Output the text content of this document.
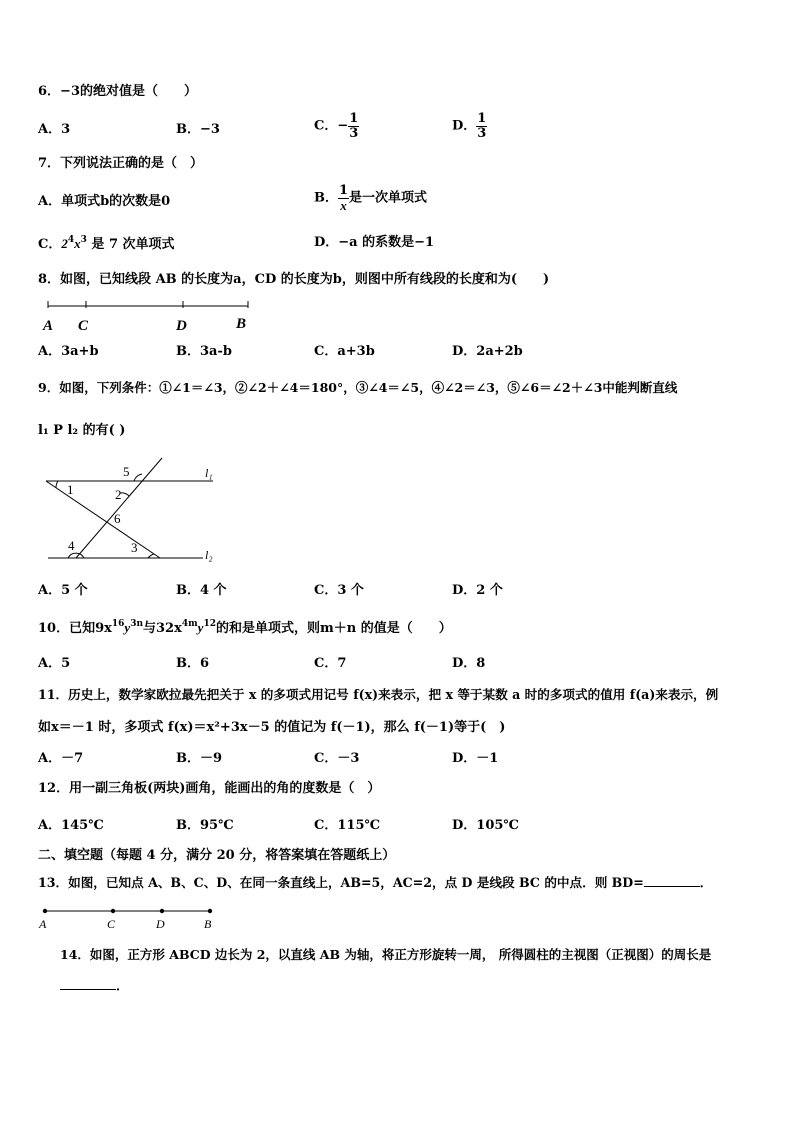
6．−3的绝对值是（　　）
A．3	B．−3	C．− $\frac{1}{3}$	D． $\frac{1}{3}$
7．下列说法正确的是（　）
A．单项式b的次数是0	B． $\frac{1}{x}$ 是一次单项式
C．$2^4x^3$ 是 7 次单项式	D．−a 的系数是−1
8．如图，已知线段 AB 的长度为a，CD 的长度为b，则图中所有线段的长度和为(　　)
A C	D	B
A．3a+b	B．3a-b	C．a+3b	D．2a+2b
9．如图，下列条件：①∠1＝∠3，②∠2＋∠4＝180°，③∠4＝∠5，④∠2＝∠3，⑤∠6＝∠2＋∠3中能判断直线
l₁ P l₂ 的有( )
5
1	2
6
4	3
l₁
l₂
A．5 个	B．4 个	C．3 个	D．2 个
10．已知$9x^{16}y^{3n}$与$32x^{4m}y^{12}$的和是单项式，则m＋n 的值是（　　）
A．5	B．6	C．7	D．8
11．历史上，数学家欧拉最先把关于 x 的多项式用记号 f(x)来表示，把 x 等于某数 a 时的多项式的值用 f(a)来表示，例
如x＝－1 时，多项式 f(x)＝x²+3x－5 的值记为 f(－1)，那么 f(－1)等于(　)
A．－7	B．－9	C．－3	D．－1
12．用一副三角板(两块)画角，能画出的角的度数是（　）
A．145℃	B．95℃	C．115℃	D．105℃
二、填空题（每题 4 分，满分 20 分，将答案填在答题纸上）
13．如图，已知点 A、B、C、D、在同一条直线上，AB=5，AC=2，点 D 是线段 BC 的中点．则 BD=	．
A	C	D	B
14．如图，正方形 ABCD 边长为 2，以直线 AB 为轴，将正方形旋转一周， 所得圆柱的主视图（正视图）的周长是
．
